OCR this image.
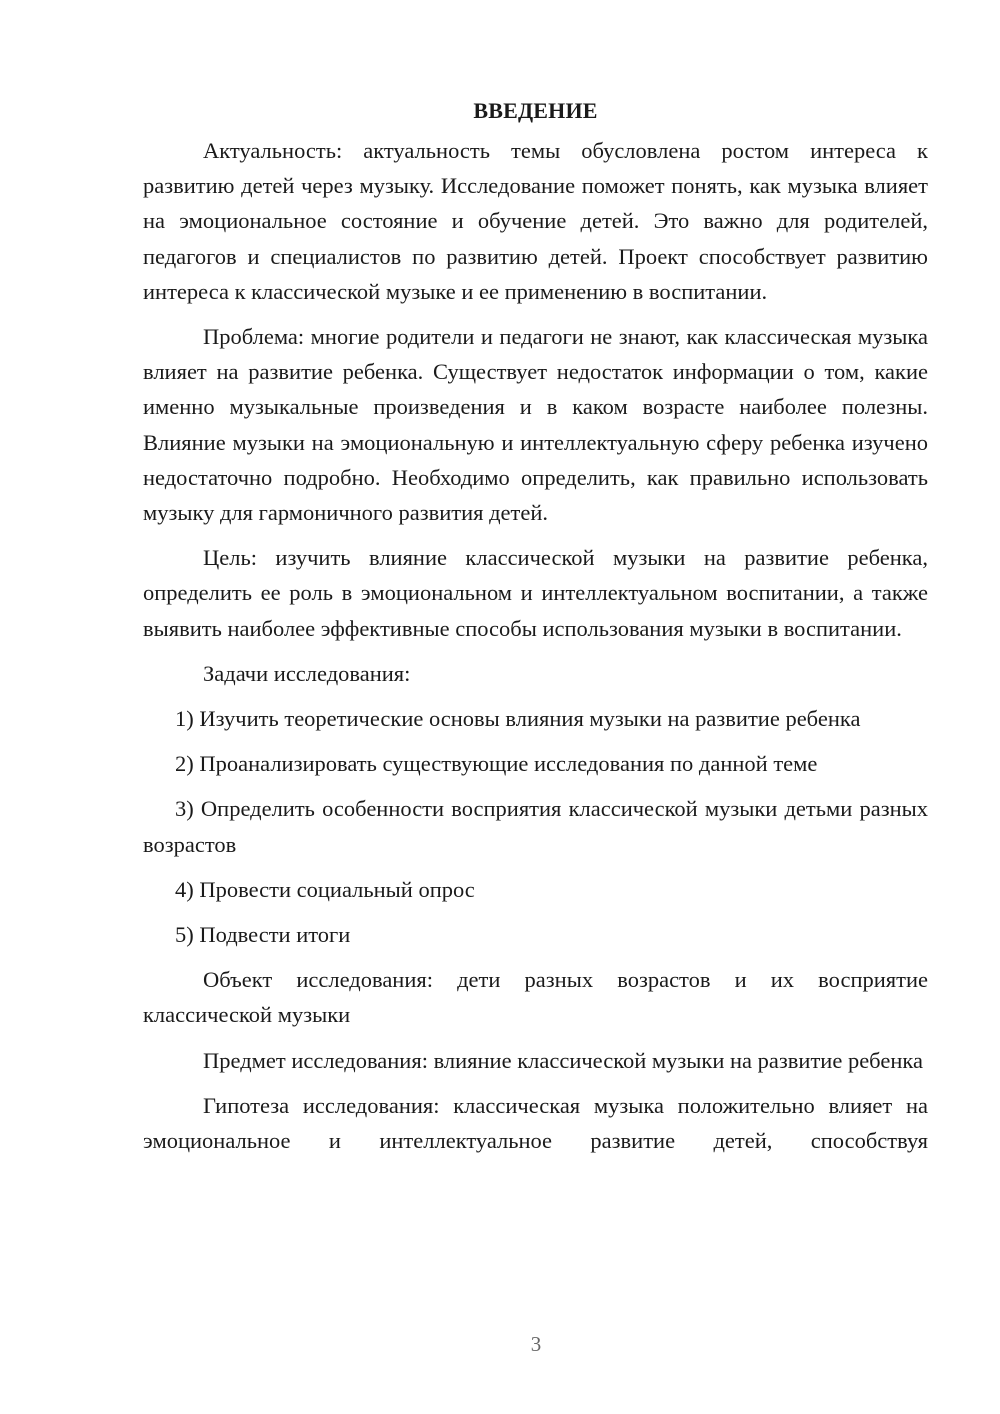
ВВЕДЕНИЕ

Актуальность: актуальность темы обусловлена ростом интереса к развитию детей через музыку. Исследование поможет понять, как музыка влияет на эмоциональное состояние и обучение детей. Это важно для родителей, педагогов и специалистов по развитию детей. Проект способствует развитию интереса к классической музыке и ее применению в воспитании.

Проблема: многие родители и педагоги не знают, как классическая музыка влияет на развитие ребенка. Существует недостаток информации о том, какие именно музыкальные произведения и в каком возрасте наиболее полезны. Влияние музыки на эмоциональную и интеллектуальную сферу ребенка изучено недостаточно подробно. Необходимо определить, как правильно использовать музыку для гармоничного развития детей.

Цель: изучить влияние классической музыки на развитие ребенка, определить ее роль в эмоциональном и интеллектуальном воспитании, а также выявить наиболее эффективные способы использования музыки в воспитании.

Задачи исследования:

1) Изучить теоретические основы влияния музыки на развитие ребенка

2) Проанализировать существующие исследования по данной теме

3) Определить особенности восприятия классической музыки детьми разных возрастов

4) Провести социальный опрос

5) Подвести итоги

Объект исследования: дети разных возрастов и их восприятие классической музыки

Предмет исследования: влияние классической музыки на развитие ребенка

Гипотеза исследования: классическая музыка положительно влияет на эмоциональное и интеллектуальное развитие детей, способствуя

3
